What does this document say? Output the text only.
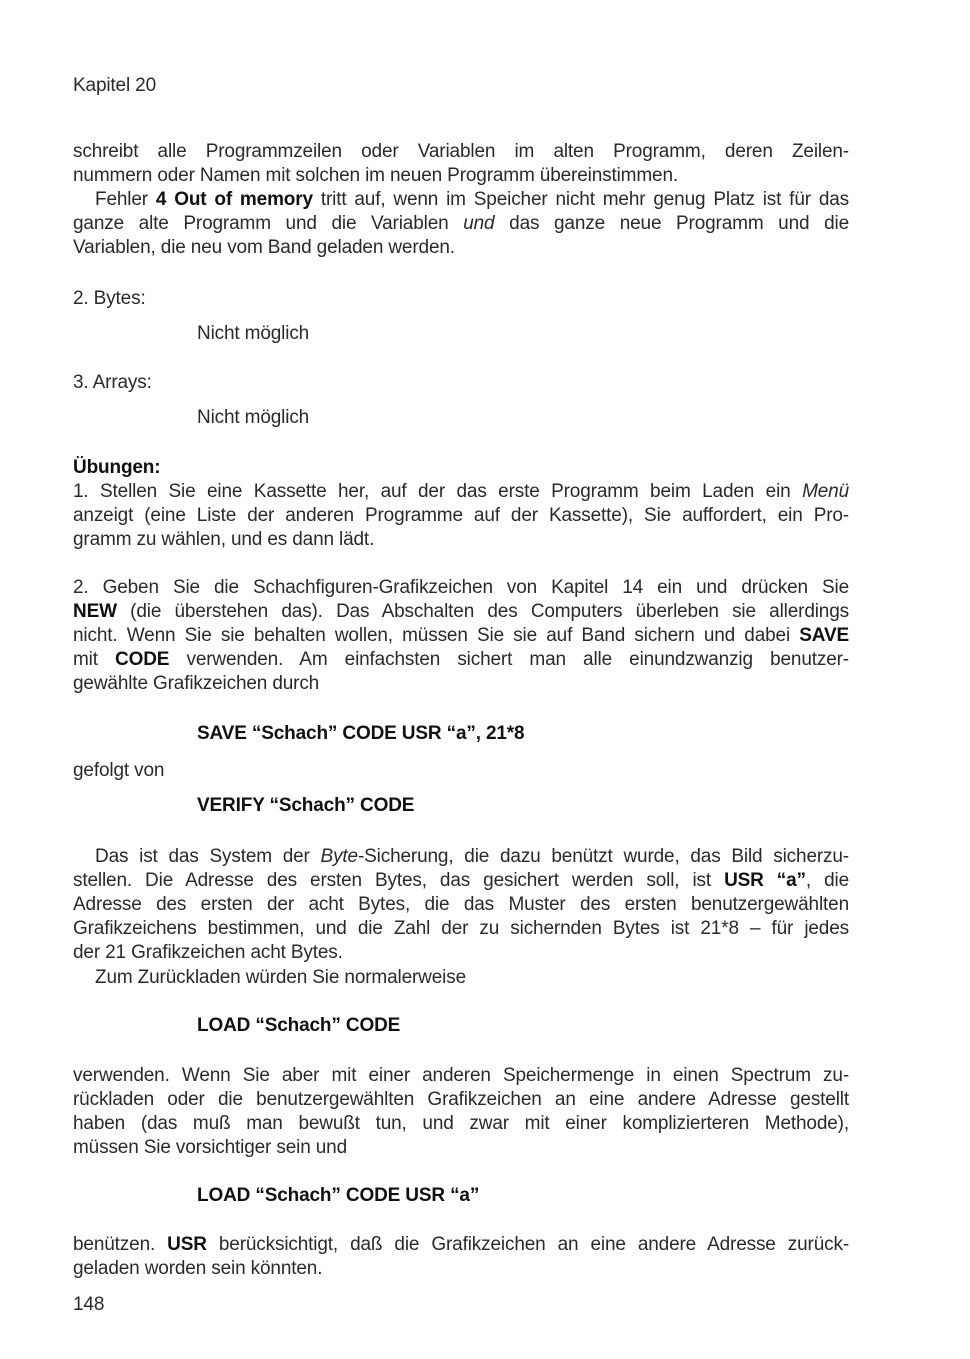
Kapitel 20
schreibt alle Programmzeilen oder Variablen im alten Programm, deren Zeilen-
nummern oder Namen mit solchen im neuen Programm übereinstimmen.
Fehler 4 Out of memory tritt auf, wenn im Speicher nicht mehr genug Platz ist für das
ganze alte Programm und die Variablen und das ganze neue Programm und die
Variablen, die neu vom Band geladen werden.
2. Bytes:
Nicht möglich
3. Arrays:
Nicht möglich
Übungen:
1. Stellen Sie eine Kassette her, auf der das erste Programm beim Laden ein Menü
anzeigt (eine Liste der anderen Programme auf der Kassette), Sie auffordert, ein Pro-
gramm zu wählen, und es dann lädt.
2. Geben Sie die Schachfiguren-Grafikzeichen von Kapitel 14 ein und drücken Sie
NEW (die überstehen das). Das Abschalten des Computers überleben sie allerdings
nicht. Wenn Sie sie behalten wollen, müssen Sie sie auf Band sichern und dabei SAVE
mit CODE verwenden. Am einfachsten sichert man alle einundzwanzig benutzer-
gewählte Grafikzeichen durch
SAVE “Schach” CODE USR “a”, 21*8
gefolgt von
VERIFY “Schach” CODE
Das ist das System der Byte-Sicherung, die dazu benützt wurde, das Bild sicherzu-
stellen. Die Adresse des ersten Bytes, das gesichert werden soll, ist USR “a”, die
Adresse des ersten der acht Bytes, die das Muster des ersten benutzergewählten
Grafikzeichens bestimmen, und die Zahl der zu sichernden Bytes ist 21*8 – für jedes
der 21 Grafikzeichen acht Bytes.
Zum Zurückladen würden Sie normalerweise
LOAD “Schach” CODE
verwenden. Wenn Sie aber mit einer anderen Speichermenge in einen Spectrum zu-
rückladen oder die benutzergewählten Grafikzeichen an eine andere Adresse gestellt
haben (das muß man bewußt tun, und zwar mit einer komplizierteren Methode),
müssen Sie vorsichtiger sein und
LOAD “Schach” CODE USR “a”
benützen. USR berücksichtigt, daß die Grafikzeichen an eine andere Adresse zurück-
geladen worden sein könnten.
148
